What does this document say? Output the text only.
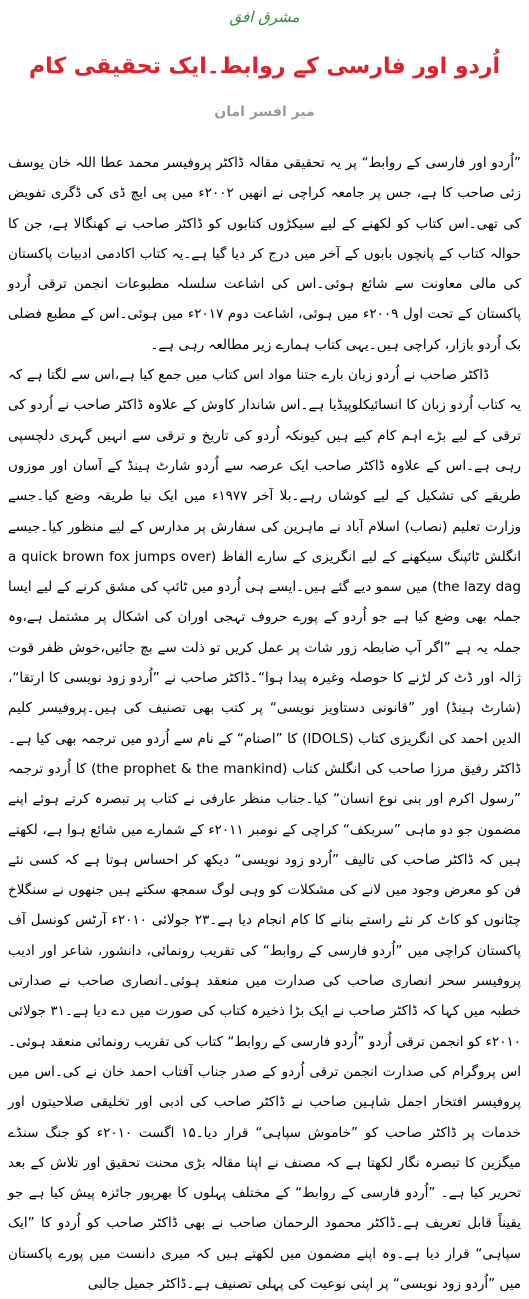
مشرق افق
اُردو اور فارسی کے روابط۔ایک تحقیقی کام
میر افسر امان

”اُردو اور فارسی کے روابط“ پر یہ تحقیقی مقالہ ڈاکٹر پروفیسر محمد عطا اللہ خان یوسف زئی صاحب کا ہے، جس پر جامعہ کراچی نے انھیں ۲۰۰۲ء میں پی ایچ ڈی کی ڈگری تفویض کی تھی۔اس کتاب کو لکھنے کے لیے سیکڑوں کتابوں کو ڈاکٹر صاحب نے کھنگالا ہے، جن کا حوالہ کتاب کے پانچوں بابوں کے آخر میں درج کر دیا گیا ہے۔یہ کتاب اکادمی ادبیات پاکستان کی مالی معاونت سے شائع ہوئی۔اس کی اشاعت سلسلہ مطبوعات انجمن ترقی اُردو پاکستان کے تحت اول ۲۰۰۹ء میں ہوئی، اشاعت دوم ۲۰۱۷ء میں ہوئی۔اس کے مطبع فضلی بک اُردو بازار، کراچی ہیں۔یہی کتاب ہمارے زیر مطالعہ رہی ہے۔

ڈاکٹر صاحب نے اُردو زبان بارے جتنا مواد اس کتاب میں جمع کیا ہے،اس سے لگتا ہے کہ یہ کتاب اُردو زبان کا انسائیکلوپیڈیا ہے۔اس شاندار کاوش کے علاوہ ڈاکٹر صاحب نے اُردو کی ترقی کے لیے بڑے اہم کام کیے ہیں کیونکہ اُردو کی تاریخ و ترقی سے انہیں گہری دلچسپی رہی ہے۔اس کے علاوہ ڈاکٹر صاحب ایک عرصہ سے اُردو شارٹ ہینڈ کے آسان اور موزوں طریقے کی تشکیل کے لیے کوشاں رہے۔بلا آخر ۱۹۷۷ء میں ایک نیا طریقہ وضع کیا۔جسے وزارت تعلیم (نصاب) اسلام آباد نے ماہرین کی سفارش پر مدارس کے لیے منظور کیا۔جیسے انگلش ٹائپنگ سیکھنے کے لیے انگریزی کے سارے الفاظ (a quick brown fox jumps over the lazy dag) میں سمو دیے گئے ہیں۔ایسے ہی اُردو میں ٹائپ کی مشق کرنے کے لیے ایسا جملہ بھی وضع کیا ہے جو اُردو کے پورے حروف تہجی اوران کی اشکال پر مشتمل ہے،وہ جملہ یہ ہے ”اگر آپ ضابطہ زور شات پر عمل کریں تو ذلت سے بچ جائیں،خوش ظفر قوت ژالہ اور ڈٹ کر لڑنے کا حوصلہ وغیرہ پیدا ہوا“۔ڈاکٹر صاحب نے ”اُردو زود نویسی کا ارتقا“، (شارٹ ہینڈ) اور ”قانونی دستاویز نویسی“ پر کتب بھی تصنیف کی ہیں۔پروفیسر کلیم الدین احمد کی انگریزی کتاب (IDOLS) کا ”اصنام“ کے نام سے اُردو میں ترجمہ بھی کیا ہے۔ڈاکٹر رفیق مرزا صاحب کی انگلش کتاب (the prophet & the mankind) کا اُردو ترجمہ ”رسول اکرم اور بنی نوع انسان“ کیا۔جناب منظر عارفی نے کتاب پر تبصرہ کرتے ہوئے اپنے مضمون جو دو ماہی ”سربکف“ کراچی کے نومبر ۲۰۱۱ء کے شمارے میں شائع ہوا ہے، لکھتے ہیں کہ ڈاکٹر صاحب کی تالیف ”اُردو زود نویسی“ دیکھ کر احساس ہوتا ہے کہ کسی نئے فن کو معرض وجود میں لانے کی مشکلات کو وہی لوگ سمجھ سکتے ہیں جنھوں نے سنگلاخ چٹانوں کو کاٹ کر نئے راستے بنانے کا کام انجام دیا ہے۔۲۳ جولائی ۲۰۱۰ء آرٹس کونسل آف پاکستان کراچی میں ”اُردو فارسی کے روابط“ کی تقریب رونمائی، دانشور، شاعر اور ادیب پروفیسر سحر انصاری صاحب کی صدارت میں منعقد ہوئی۔انصاری صاحب نے صدارتی خطبہ میں کہا کہ ڈاکٹر صاحب نے ایک بڑا ذخیرہ کتاب کی صورت میں دے دیا ہے۔۳۱ جولائی ۲۰۱۰ء کو انجمن ترقی اُردو ”اُردو فارسی کے روابط“ کتاب کی تقریب رونمائی منعقد ہوئی۔اس پروگرام کی صدارت انجمن ترقی اُردو کے صدر جناب آفتاب احمد خان نے کی۔اس میں پروفیسر افتخار اجمل شاہین صاحب نے ڈاکٹر صاحب کی ادبی اور تخلیقی صلاحیتوں اور خدمات پر ڈاکٹر صاحب کو ”خاموش سپاہی“ قرار دیا۔۱۵ اگست ۲۰۱۰ء کو جنگ سنڈے میگزین کا تبصرہ نگار لکھتا ہے کہ مصنف نے اپنا مقالہ بڑی محنت تحقیق اور تلاش کے بعد تحریر کیا ہے۔ ”اُردو فارسی کے روابط“ کے مختلف پہلوں کا بھرپور جائزہ پیش کیا ہے جو یقیناً قابل تعریف ہے۔ڈاکٹر محمود الرحمان صاحب نے بھی ڈاکٹر صاحب کو اُردو کا ”ایک سپاہی“ قرار دیا ہے۔وہ اپنے مضمون میں لکھتے ہیں کہ میری دانست میں پورے پاکستان میں ”اُردو زود نویسی“ پر اپنی نوعیت کی پہلی تصنیف ہے۔ڈاکٹر جمیل جالبی
